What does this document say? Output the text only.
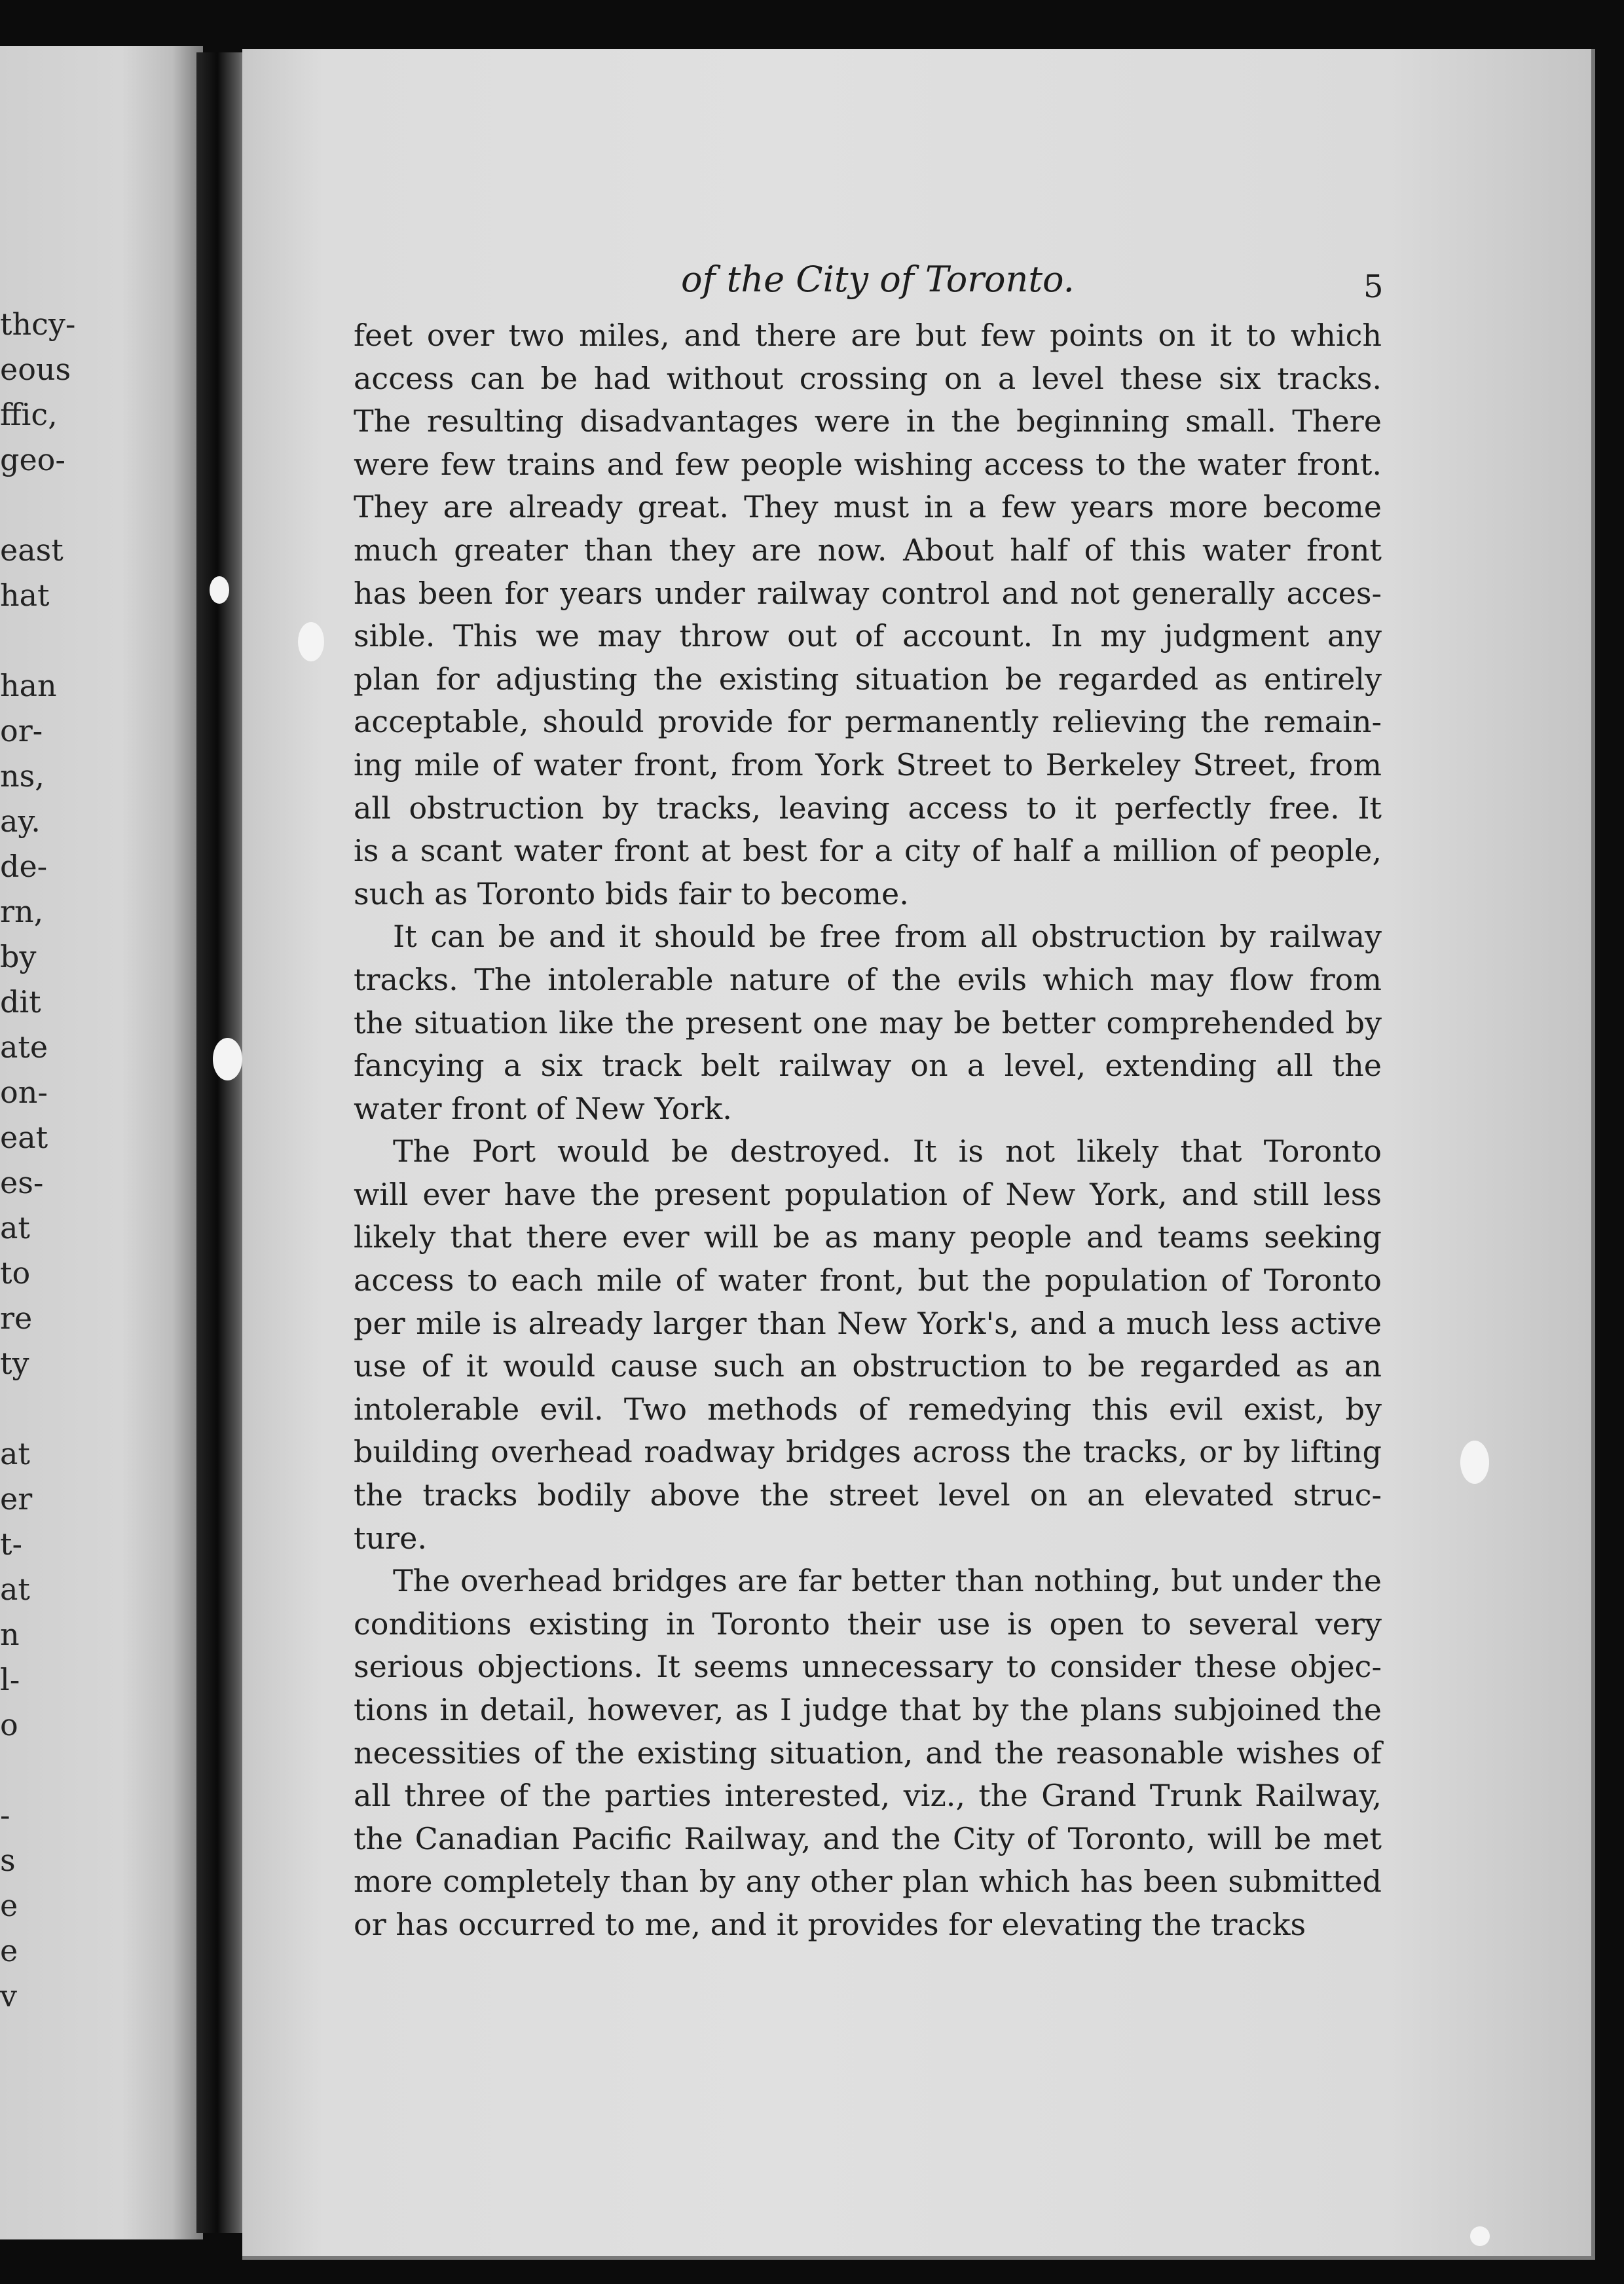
thcy-
eous
ffic,
geo-
east
hat
han
or-
ns,
ay.
de-
rn,
by
dit
ate
on-
eat
es-
at
to
re
ty
at
er
t-
at
n
l-
o
-
s
e
e
v
of the City of Toronto.	5
feet over two miles, and there are but few points on it to which
access can be had without crossing on a level these six tracks.
The resulting disadvantages were in the beginning small. There
were few trains and few people wishing access to the water front.
They are already great. They must in a few years more become
much greater than they are now. About half of this water front
has been for years under railway control and not generally acces-
sible. This we may throw out of account. In my judgment any
plan for adjusting the existing situation be regarded as entirely
acceptable, should provide for permanently relieving the remain-
ing mile of water front, from York Street to Berkeley Street, from
all obstruction by tracks, leaving access to it perfectly free. It
is a scant water front at best for a city of half a million of people,
such as Toronto bids fair to become.
It can be and it should be free from all obstruction by railway
tracks. The intolerable nature of the evils which may flow from
the situation like the present one may be better comprehended by
fancying a six track belt railway on a level, extending all the
water front of New York.
The Port would be destroyed. It is not likely that Toronto
will ever have the present population of New York, and still less
likely that there ever will be as many people and teams seeking
access to each mile of water front, but the population of Toronto
per mile is already larger than New York's, and a much less active
use of it would cause such an obstruction to be regarded as an
intolerable evil. Two methods of remedying this evil exist, by
building overhead roadway bridges across the tracks, or by lifting
the tracks bodily above the street level on an elevated struc-
ture.
The overhead bridges are far better than nothing, but under the
conditions existing in Toronto their use is open to several very
serious objections. It seems unnecessary to consider these objec-
tions in detail, however, as I judge that by the plans subjoined the
necessities of the existing situation, and the reasonable wishes of
all three of the parties interested, viz., the Grand Trunk Railway,
the Canadian Pacific Railway, and the City of Toronto, will be met
more completely than by any other plan which has been submitted
or has occurred to me, and it provides for elevating the tracks
